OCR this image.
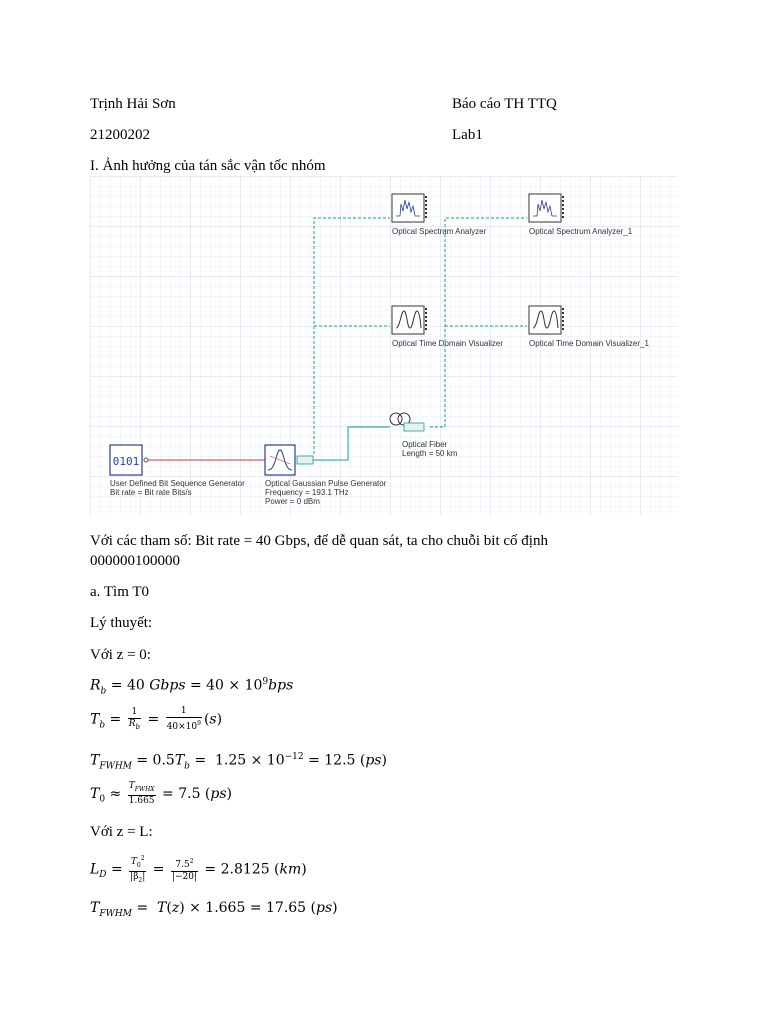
Trịnh Hải Sơn	Báo cáo TH TTQ
21200202	Lab1
I. Ảnh hưởng của tán sắc vận tốc nhóm
0101
User Defined Bit Sequence Generator
Bit rate = Bit rate Bits/s
Optical Gaussian Pulse Generator
Frequency = 193.1 THz
Power = 0 dBm
Optical Fiber
Length = 50 km
Optical Spectrum Analyzer	Optical Spectrum Analyzer_1
Optical Time Domain Visualizer	Optical Time Domain Visualizer_1
Với các tham số: Bit rate = 40 Gbps, để dễ quan sát, ta cho chuỗi bit cố định
000000100000
a. Tìm T0
Lý thuyết:
Với z = 0:
$R_b = 40$ Gbps = $40 \times 10^9bps$
$T_b = \frac{1}{R_b} = \frac{1}{40\times 10^9} (s)$
$T_{FWHM} = 0.5T_b = 1.25 \times 10^{-12} = 12.5$ (ps)
$T_0 \approx \frac{T_{FWHX}}{1.665} = 7.5$ (ps)
Với z = L:
$L_D = \frac{T_0^2}{|\beta_2|} = \frac{7.5^2}{|-20|} = 2.8125$ (km)
$T_{FWHM} = T(z) \times 1.665 = 17.65$ (ps)
